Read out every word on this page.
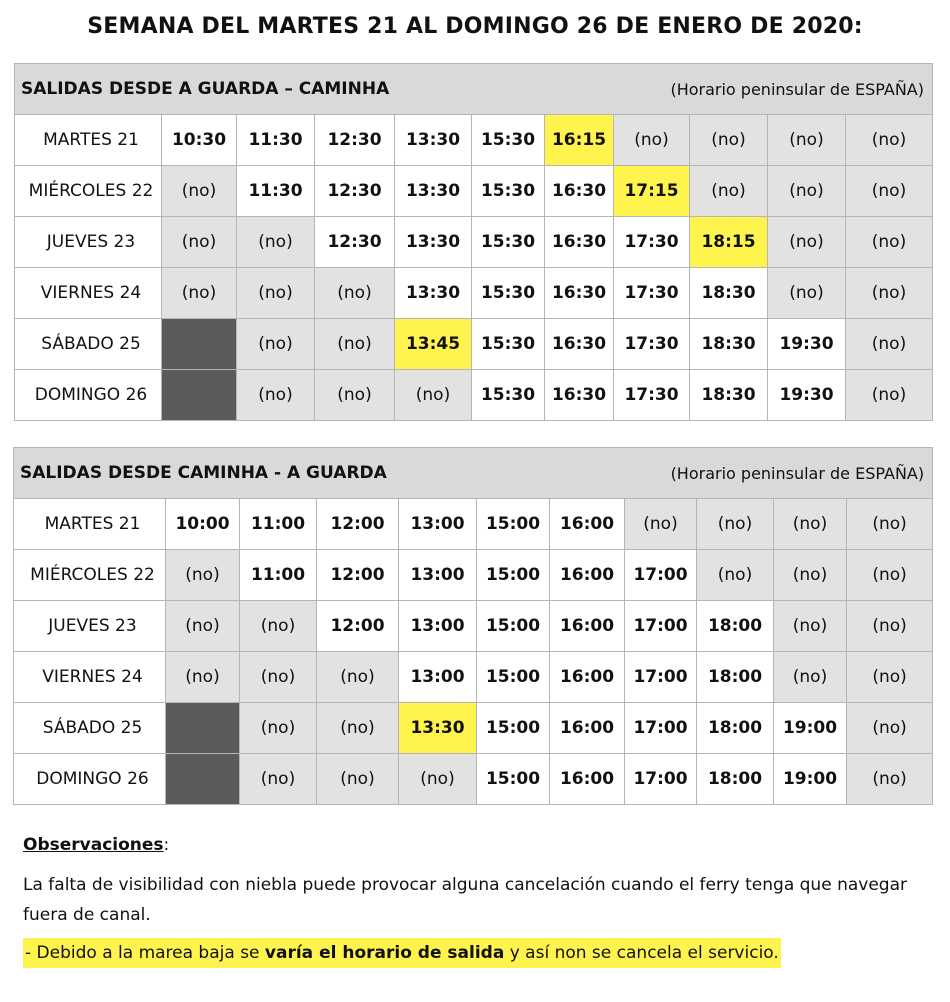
SEMANA DEL MARTES 21 AL DOMINGO 26 DE ENERO DE 2020:
SALIDAS DESDE A GUARDA – CAMINHA (Horario peninsular de ESPAÑA)										

MARTES 21	10:30	11:30	12:30	13:30	15:30	16:15	(no)	(no)	(no)	(no)
MIÉRCOLES 22	(no)	11:30	12:30	13:30	15:30	16:30	17:15	(no)	(no)	(no)
JUEVES 23	(no)	(no)	12:30	13:30	15:30	16:30	17:30	18:15	(no)	(no)
VIERNES 24	(no)	(no)	(no)	13:30	15:30	16:30	17:30	18:30	(no)	(no)
SÁBADO 25		(no)	(no)	13:45	15:30	16:30	17:30	18:30	19:30	(no)
DOMINGO 26		(no)	(no)	(no)	15:30	16:30	17:30	18:30	19:30	(no)
SALIDAS DESDE CAMINHA - A GUARDA (Horario peninsular de ESPAÑA)										

MARTES 21	10:00	11:00	12:00	13:00	15:00	16:00	(no)	(no)	(no)	(no)
MIÉRCOLES 22	(no)	11:00	12:00	13:00	15:00	16:00	17:00	(no)	(no)	(no)
JUEVES 23	(no)	(no)	12:00	13:00	15:00	16:00	17:00	18:00	(no)	(no)
VIERNES 24	(no)	(no)	(no)	13:00	15:00	16:00	17:00	18:00	(no)	(no)
SÁBADO 25		(no)	(no)	13:30	15:00	16:00	17:00	18:00	19:00	(no)
DOMINGO 26		(no)	(no)	(no)	15:00	16:00	17:00	18:00	19:00	(no)
Observaciones:
La falta de visibilidad con niebla puede provocar alguna cancelación cuando el ferry tenga que navegar fuera de canal.
- Debido a la marea baja se varía el horario de salida y así non se cancela el servicio.
